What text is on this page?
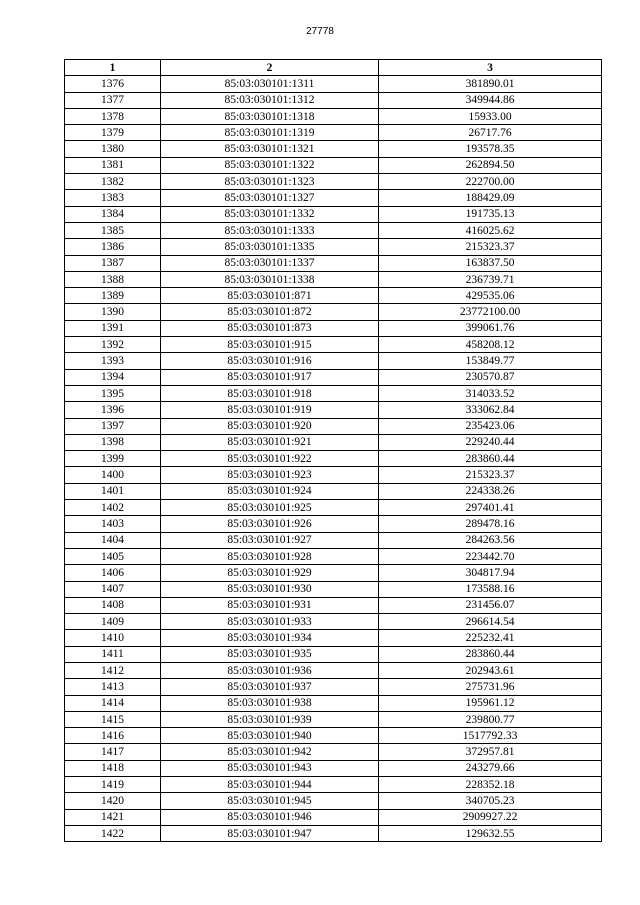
27778
1	2	3
1376	85:03:030101:1311	381890.01
1377	85:03:030101:1312	349944.86
1378	85:03:030101:1318	15933.00
1379	85:03:030101:1319	26717.76
1380	85:03:030101:1321	193578.35
1381	85:03:030101:1322	262894.50
1382	85:03:030101:1323	222700.00
1383	85:03:030101:1327	188429.09
1384	85:03:030101:1332	191735.13
1385	85:03:030101:1333	416025.62
1386	85:03:030101:1335	215323.37
1387	85:03:030101:1337	163837.50
1388	85:03:030101:1338	236739.71
1389	85:03:030101:871	429535.06
1390	85:03:030101:872	23772100.00
1391	85:03:030101:873	399061.76
1392	85:03:030101:915	458208.12
1393	85:03:030101:916	153849.77
1394	85:03:030101:917	230570.87
1395	85:03:030101:918	314033.52
1396	85:03:030101:919	333062.84
1397	85:03:030101:920	235423.06
1398	85:03:030101:921	229240.44
1399	85:03:030101:922	283860.44
1400	85:03:030101:923	215323.37
1401	85:03:030101:924	224338.26
1402	85:03:030101:925	297401.41
1403	85:03:030101:926	289478.16
1404	85:03:030101:927	284263.56
1405	85:03:030101:928	223442.70
1406	85:03:030101:929	304817.94
1407	85:03:030101:930	173588.16
1408	85:03:030101:931	231456.07
1409	85:03:030101:933	296614.54
1410	85:03:030101:934	225232.41
1411	85:03:030101:935	283860.44
1412	85:03:030101:936	202943.61
1413	85:03:030101:937	275731.96
1414	85:03:030101:938	195961.12
1415	85:03:030101:939	239800.77
1416	85:03:030101:940	1517792.33
1417	85:03:030101:942	372957.81
1418	85:03:030101:943	243279.66
1419	85:03:030101:944	228352.18
1420	85:03:030101:945	340705.23
1421	85:03:030101:946	2909927.22
1422	85:03:030101:947	129632.55
